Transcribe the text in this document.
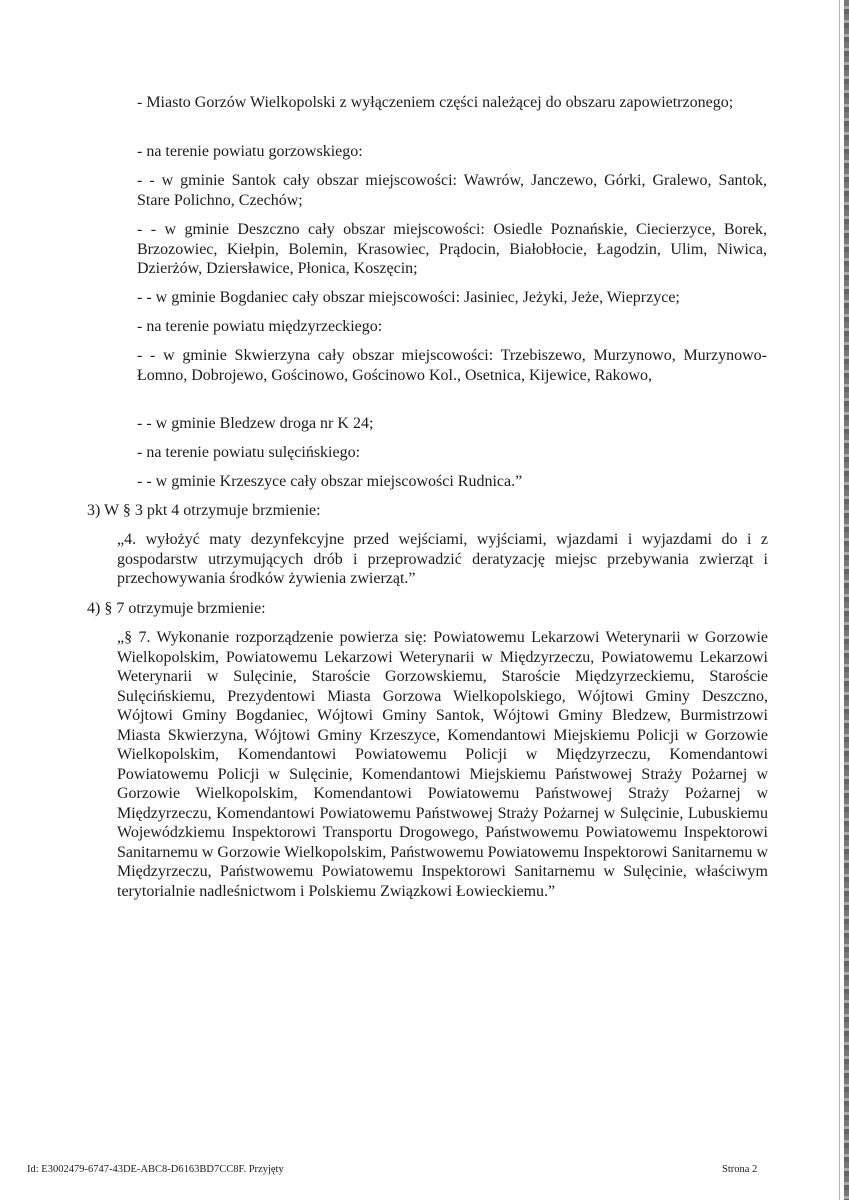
- Miasto Gorzów Wielkopolski z wyłączeniem części należącej do obszaru zapowietrzonego;

- na terenie powiatu gorzowskiego:

- - w gminie Santok cały obszar miejscowości: Wawrów, Janczewo, Górki, Gralewo, Santok, Stare Polichno, Czechów;

- - w gminie Deszczno cały obszar miejscowości: Osiedle Poznańskie, Ciecierzyce, Borek, Brzozowiec, Kiełpin, Bolemin, Krasowiec, Prądocin, Białobłocie, Łagodzin, Ulim, Niwica, Dzierżów, Dziersławice, Płonica, Koszęcin;

- - w gminie Bogdaniec cały obszar miejscowości: Jasiniec, Jeżyki, Jeże, Wieprzyce;

- na terenie powiatu międzyrzeckiego:

- - w gminie Skwierzyna cały obszar miejscowości: Trzebiszewo, Murzynowo, Murzynowo-Łomno, Dobrojewo, Gościnowo, Gościnowo Kol., Osetnica, Kijewice, Rakowo,

- - w gminie Bledzew droga nr K 24;

- na terenie powiatu sulęcińskiego:

- - w gminie Krzeszyce cały obszar miejscowości Rudnica.”

3) W § 3 pkt 4 otrzymuje brzmienie:

„4. wyłożyć maty dezynfekcyjne przed wejściami, wyjściami, wjazdami i wyjazdami do i z gospodarstw utrzymujących drób i przeprowadzić deratyzację miejsc przebywania zwierząt i przechowywania środków żywienia zwierząt.”

4) § 7 otrzymuje brzmienie:

„§ 7. Wykonanie rozporządzenie powierza się: Powiatowemu Lekarzowi Weterynarii w Gorzowie Wielkopolskim, Powiatowemu Lekarzowi Weterynarii w Międzyrzeczu, Powiatowemu Lekarzowi Weterynarii w Sulęcinie, Staroście Gorzowskiemu, Staroście Międzyrzeckiemu, Staroście Sulęcińskiemu, Prezydentowi Miasta Gorzowa Wielkopolskiego, Wójtowi Gminy Deszczno, Wójtowi Gminy Bogdaniec, Wójtowi Gminy Santok, Wójtowi Gminy Bledzew, Burmistrzowi Miasta Skwierzyna, Wójtowi Gminy Krzeszyce, Komendantowi Miejskiemu Policji w Gorzowie Wielkopolskim, Komendantowi Powiatowemu Policji w Międzyrzeczu, Komendantowi Powiatowemu Policji w Sulęcinie, Komendantowi Miejskiemu Państwowej Straży Pożarnej w Gorzowie Wielkopolskim, Komendantowi Powiatowemu Państwowej Straży Pożarnej w Międzyrzeczu, Komendantowi Powiatowemu Państwowej Straży Pożarnej w Sulęcinie, Lubuskiemu Wojewódzkiemu Inspektorowi Transportu Drogowego, Państwowemu Powiatowemu Inspektorowi Sanitarnemu w Gorzowie Wielkopolskim, Państwowemu Powiatowemu Inspektorowi Sanitarnemu w Międzyrzeczu, Państwowemu Powiatowemu Inspektorowi Sanitarnemu w Sulęcinie, właściwym terytorialnie nadleśnictwom i Polskiemu Związkowi Łowieckiemu.”

Id: E3002479-6747-43DE-ABC8-D6163BD7CC8F. Przyjęty	Strona 2
